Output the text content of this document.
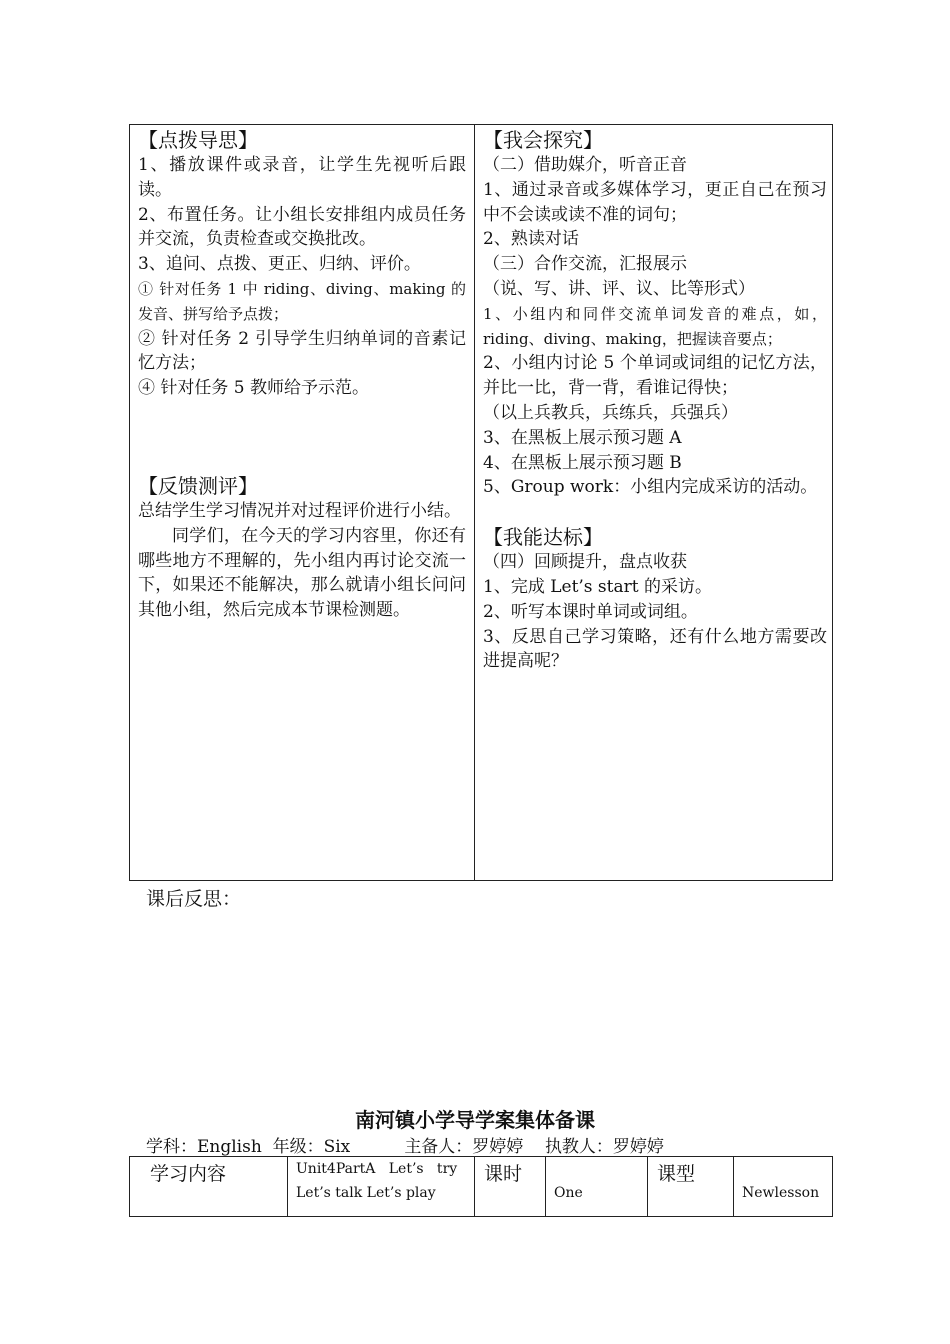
【点拨导思】

1、播放课件或录音，让学生先视听后跟读。

2、布置任务。让小组长安排组内成员任务并交流，负责检查或交换批改。

3、追问、点拨、更正、归纳、评价。

① 针对任务 1 中 riding、diving、making 的发音、拼写给予点拨；

② 针对任务 2 引导学生归纳单词的音素记忆方法；

④ 针对任务 5 教师给予示范。

【反馈测评】

总结学生学习情况并对过程评价进行小结。

同学们，在今天的学习内容里，你还有哪些地方不理解的，先小组内再讨论交流一下，如果还不能解决，那么就请小组长问问其他小组，然后完成本节课检测题。

【我会探究】

（二）借助媒介，听音正音

1、通过录音或多媒体学习，更正自己在预习中不会读或读不准的词句；

2、熟读对话

（三）合作交流，汇报展示

（说、写、讲、评、议、比等形式）

1、小组内和同伴交流单词发音的难点，如，riding、diving、making，把握读音要点；

2、小组内讨论 5 个单词或词组的记忆方法，并比一比，背一背，看谁记得快；

（以上兵教兵，兵练兵，兵强兵）

3、在黑板上展示预习题 A

4、在黑板上展示预习题 B

5、Group work：小组内完成采访的活动。

【我能达标】

（四）回顾提升，盘点收获

1、完成 Let’s start 的采访。

2、听写本课时单词或词组。

3、反思自己学习策略，还有什么地方需要改进提高呢？

课后反思：
南河镇小学导学案集体备课
学科：English  年级：Six	主备人：罗婷婷 执教人：罗婷婷
学习内容	Unit4PartA   Let’s   try
Let’s talk Let’s play
课时
One
课型
Newlesson
